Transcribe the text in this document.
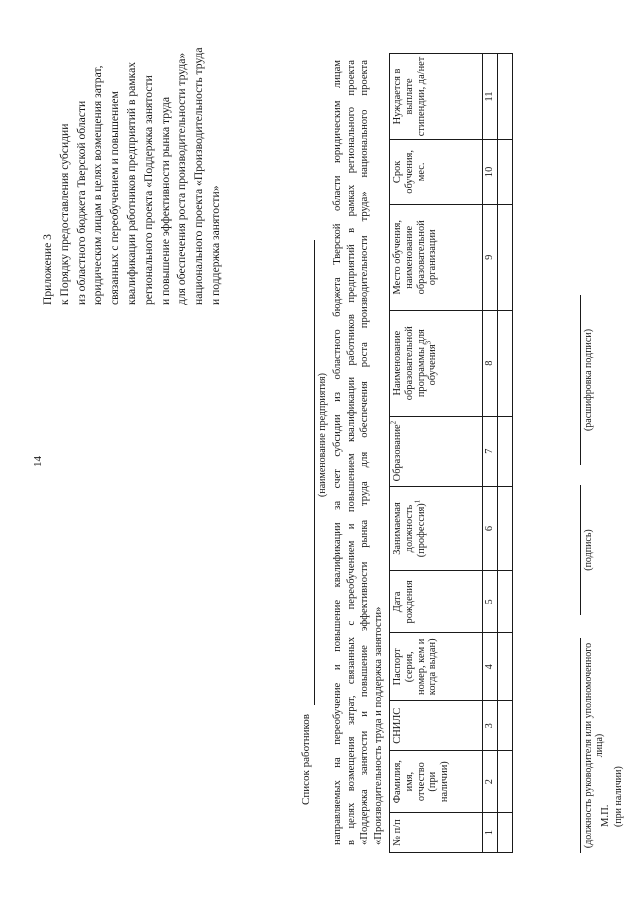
14
Приложение 3 к Порядку предоставления субсидии из областного бюджета Тверской области юридическим лицам в целях возмещения затрат, связанных с переобучением и повышением квалификации работников предприятий в рамках регионального проекта «Поддержка занятости и повышение эффективности рынка труда для обеспечения роста производительности труда» национального проекта «Производительность труда и поддержка занятости»
Список работников
(наименование предприятия) направляемых на переобучение и повышение квалификации за счет субсидии из областного бюджета Тверской области юридическим лицам в целях возмещения затрат, связанных с переобучением и повышением квалификации работников предприятий в рамках регионального проекта «Поддержка занятости и повышение эффективности рынка труда для обеспечения роста производительности труда» национального проекта «Производительность труда и поддержка занятости» № п/п	Фамилия, имя, отчество (при наличии)	СНИЛС	Паспорт (серия, номер, кем и когда выдан)	Дата рождения	Занимаемая должность (профессия)$^1$	Образование$^2$	Наименование образовательной программы для обучения$^3$	Место обучения, наименование образовательной организации	Срок обучения, мес.	Нуждается в выплате стипендии, да/нет
1	2	3	4	5	6	7	8	9	10	11

(должность руководителя или уполномоченного лица)
(подпись)
(расшифровка подписи)
М.П. (при наличии)
